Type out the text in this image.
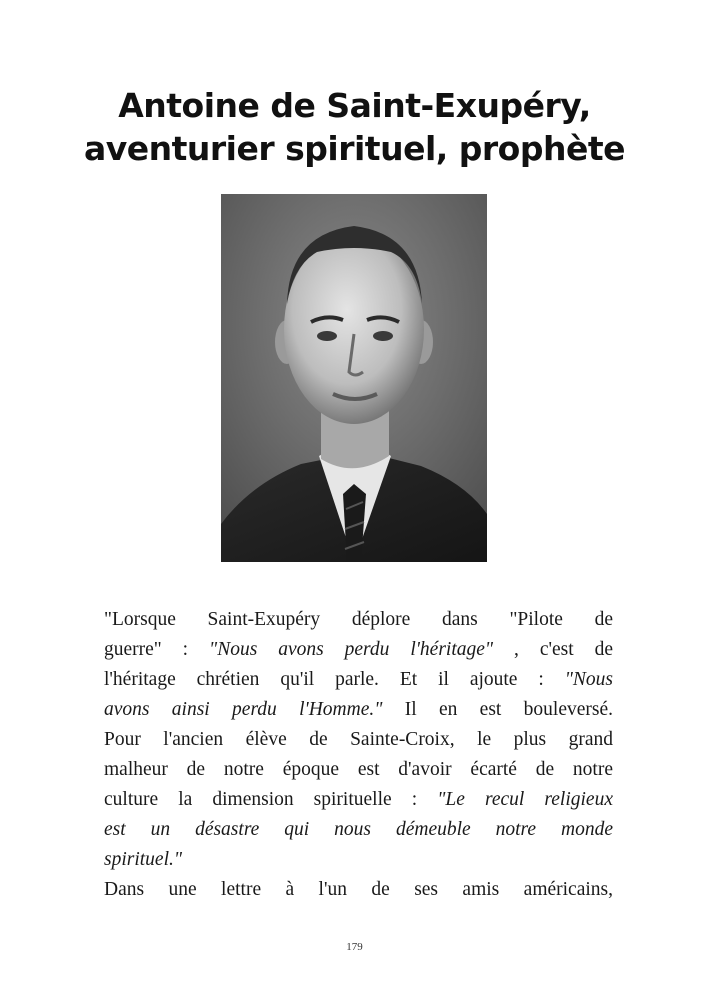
Antoine de Saint-Exupéry,
aventurier spirituel, prophète
"Lorsque Saint-Exupéry déplore dans "Pilote de
guerre" : "Nous avons perdu l'héritage" , c'est de
l'héritage chrétien qu'il parle. Et il ajoute : "Nous
avons ainsi perdu l'Homme." Il en est bouleversé.
Pour l'ancien élève de Sainte-Croix, le plus grand
malheur de notre époque est d'avoir écarté de notre
culture la dimension spirituelle : "Le recul religieux
est un désastre qui nous démeuble notre monde
spirituel."
Dans une lettre à l'un de ses amis américains,
179
